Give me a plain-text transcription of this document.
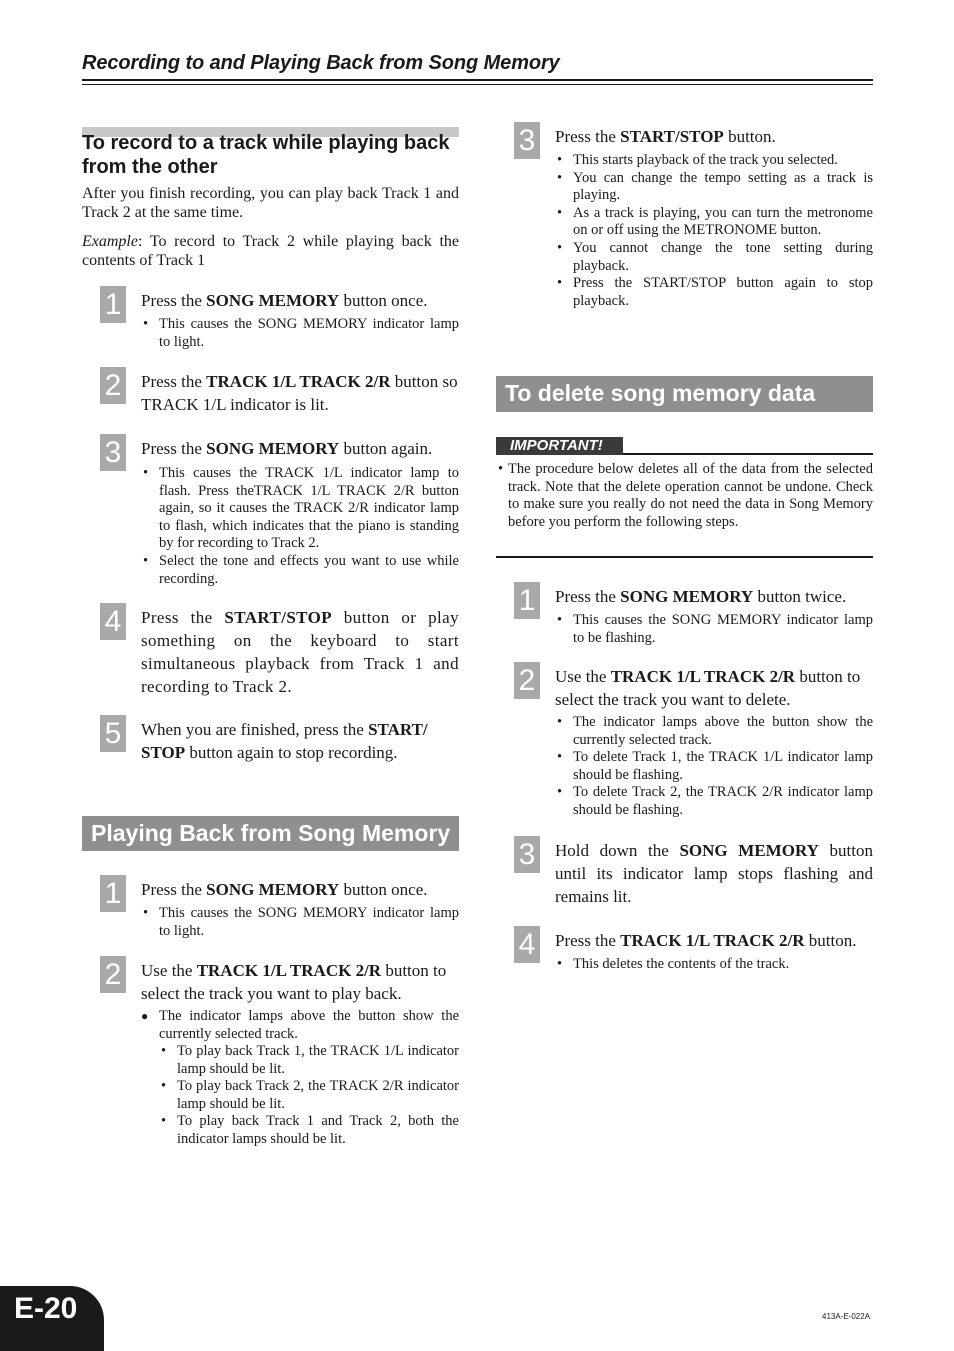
Recording to and Playing Back from Song Memory
To record to a track while playing back from the other
After you finish recording, you can play back Track 1 and Track 2 at the same time.
Example: To record to Track 2 while playing back the contents of Track 1
1 Press the SONG MEMORY button once.
• This causes the SONG MEMORY indicator lamp to light.
2 Press the TRACK 1/L TRACK 2/R button so TRACK 1/L indicator is lit.
3 Press the SONG MEMORY button again.
• This causes the TRACK 1/L indicator lamp to flash. Press theTRACK 1/L TRACK 2/R button again, so it causes the TRACK 2/R indicator lamp to flash, which indicates that the piano is standing by for recording to Track 2.
• Select the tone and effects you want to use while recording.
4 Press the START/STOP button or play something on the keyboard to start simultaneous playback from Track 1 and recording to Track 2.
5 When you are finished, press the START/ STOP button again to stop recording.
Playing Back from Song Memory
1 Press the SONG MEMORY button once.
• This causes the SONG MEMORY indicator lamp to light.
2 Use the TRACK 1/L TRACK 2/R button to select the track you want to play back.
● The indicator lamps above the button show the currently selected track.
• To play back Track 1, the TRACK 1/L indicator lamp should be lit.
• To play back Track 2, the TRACK 2/R indicator lamp should be lit.
• To play back Track 1 and Track 2, both the indicator lamps should be lit.
3 Press the START/STOP button.
• This starts playback of the track you selected.
• You can change the tempo setting as a track is playing.
• As a track is playing, you can turn the metronome on or off using the METRONOME button.
• You cannot change the tone setting during playback.
• Press the START/STOP button again to stop playback.
To delete song memory data
IMPORTANT!
• The procedure below deletes all of the data from the selected track. Note that the delete operation cannot be undone. Check to make sure you really do not need the data in Song Memory before you perform the following steps.
1 Press the SONG MEMORY button twice.
• This causes the SONG MEMORY indicator lamp to be flashing.
2 Use the TRACK 1/L TRACK 2/R button to select the track you want to delete.
• The indicator lamps above the button show the currently selected track.
• To delete Track 1, the TRACK 1/L indicator lamp should be flashing.
• To delete Track 2, the TRACK 2/R indicator lamp should be flashing.
3 Hold down the SONG MEMORY button until its indicator lamp stops flashing and remains lit.
4 Press the TRACK 1/L TRACK 2/R button.
• This deletes the contents of the track.
E-20	413A-E-022A
